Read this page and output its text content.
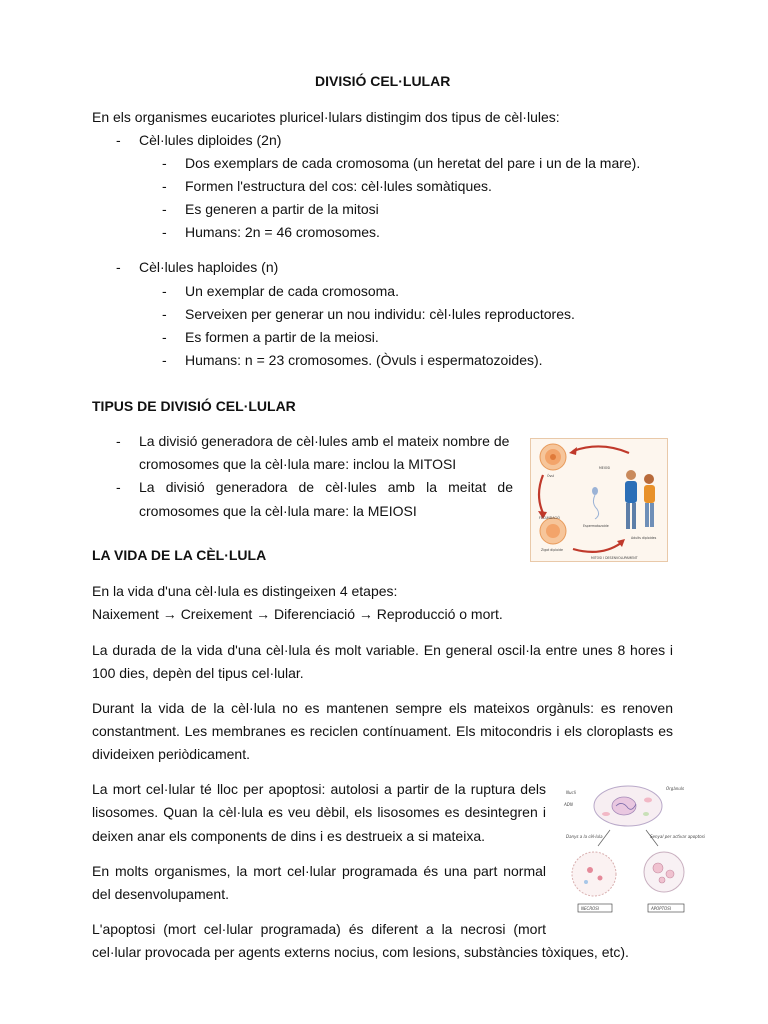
DIVISIÓ CEL·LULAR
En els organismes eucariotes pluricel·lulars distingim dos tipus de cèl·lules:
- Cèl·lules diploides (2n)
- Dos exemplars de cada cromosoma (un heretat del pare i un de la mare).
- Formen l'estructura del cos: cèl·lules somàtiques.
- Es generen a partir de la mitosi
- Humans: 2n = 46 cromosomes.
- Cèl·lules haploides (n)
- Un exemplar de cada cromosoma.
- Serveixen per generar un nou individu: cèl·lules reproductores.
- Es formen a partir de la meiosi.
- Humans: n = 23 cromosomes. (Òvuls i espermatozoides).
TIPUS DE DIVISIÓ CEL·LULAR
- La divisió generadora de cèl·lules amb el mateix nombre de
cromosomes que la cèl·lula mare: inclou la MITOSI
- La divisió generadora de cèl·lules amb la meitat de
cromosomes que la cèl·lula mare: la MEIOSI
Òvul
MEIOSI
Espermatozoide
FECUNDACIÓ
Zigot diploide
Adults diploides
MITOSI I DESENVOLUPAMENT
LA VIDA DE LA CÈL·LULA
En la vida d'una cèl·lula es distingeixen 4 etapes:
Naixement → Creixement → Diferenciació → Reproducció o mort.
La durada de la vida d'una cèl·lula és molt variable. En general oscil·la entre unes 8 hores i
100 dies, depèn del tipus cel·lular.
Durant la vida de la cèl·lula no es mantenen sempre els mateixos orgànuls: es renoven
constantment. Les membranes es reciclen contínuament. Els mitocondris i els cloroplasts es
divideixen periòdicament.
La mort cel·lular té lloc per apoptosi: autolosi a partir de la ruptura dels
lisosomes. Quan la cèl·lula es veu dèbil, els lisosomes es desintegren i
deixen anar els components de dins i es destrueix a si mateixa.
En molts organismes, la mort cel·lular programada és una part normal
del desenvolupament.
L'apoptosi (mort cel·lular programada) és diferent a la necrosi (mort
cel·lular provocada per agents externs nocius, com lesions, substàncies tòxiques, etc).
Nucli
ADN
Orgànuls
Danys a la cèl·lula	Senyal per activar apoptosi
NECROSI	APOPTOSI
